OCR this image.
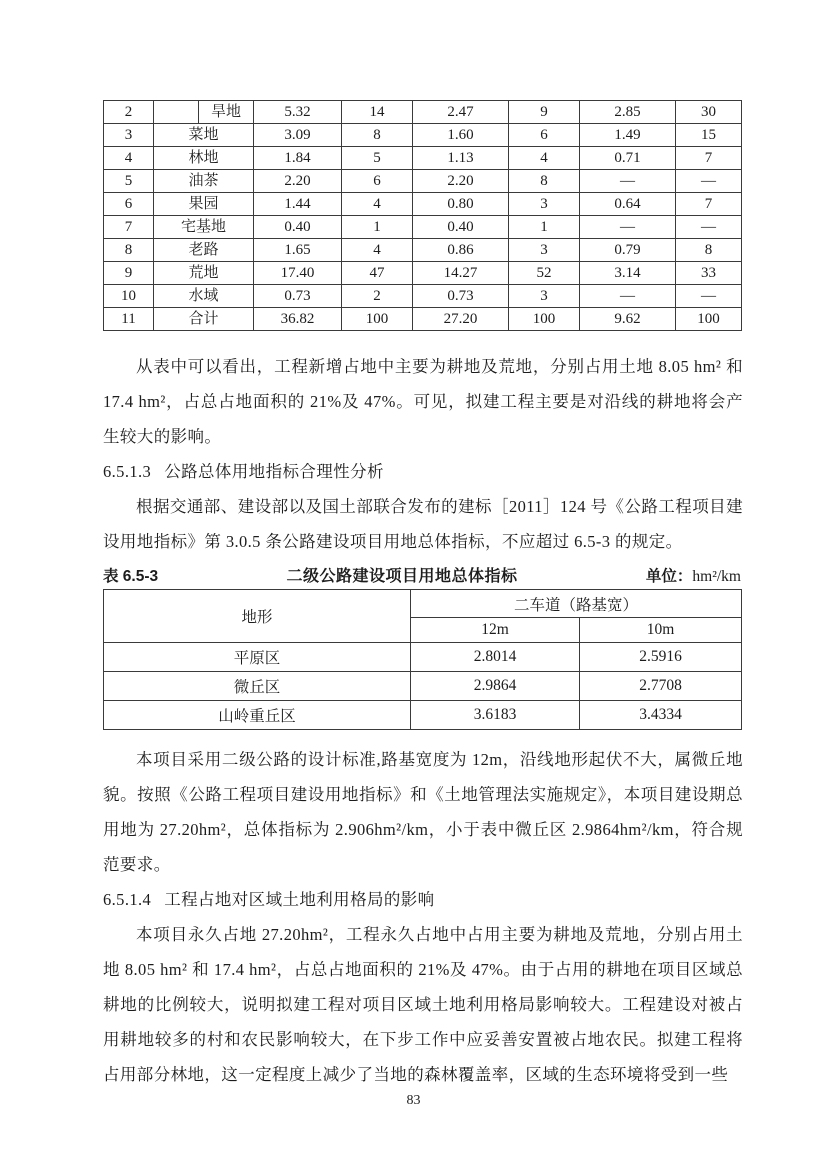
2		旱地	5.32	14	2.47	9	2.85	30
3	菜地		3.09	8	1.60	6	1.49	15
4	林地		1.84	5	1.13	4	0.71	7
5	油茶		2.20	6	2.20	8	—	—
6	果园		1.44	4	0.80	3	0.64	7
7	宅基地		0.40	1	0.40	1	—	—
8	老路		1.65	4	0.86	3	0.79	8
9	荒地		17.40	47	14.27	52	3.14	33
10	水域		0.73	2	0.73	3	—	—
11	合计		36.82	100	27.20	100	9.62	100

从表中可以看出，工程新增占地中主要为耕地及荒地，分别占用土地 8.05 hm² 和 17.4 hm²，占总占地面积的 21%及 47%。可见，拟建工程主要是对沿线的耕地将会产生较大的影响。

6.5.1.3 公路总体用地指标合理性分析

根据交通部、建设部以及国土部联合发布的建标［2011］124 号《公路工程项目建设用地指标》第 3.0.5 条公路建设项目用地总体指标，不应超过 6.5-3 的规定。

表 6.5-3	二级公路建设项目用地总体指标	单位：hm²/km
地形	二车道（路基宽）	
	12m	10m
平原区	2.8014	2.5916
微丘区	2.9864	2.7708
山岭重丘区	3.6183	3.4334

本项目采用二级公路的设计标准,路基宽度为 12m，沿线地形起伏不大，属微丘地貌。按照《公路工程项目建设用地指标》和《土地管理法实施规定》，本项目建设期总用地为 27.20hm²，总体指标为 2.906hm²/km，小于表中微丘区 2.9864hm²/km，符合规范要求。

6.5.1.4 工程占地对区域土地利用格局的影响

本项目永久占地 27.20hm²，工程永久占地中占用主要为耕地及荒地，分别占用土地 8.05 hm² 和 17.4 hm²，占总占地面积的 21%及 47%。由于占用的耕地在项目区域总耕地的比例较大，说明拟建工程对项目区域土地利用格局影响较大。工程建设对被占用耕地较多的村和农民影响较大，在下步工作中应妥善安置被占地农民。拟建工程将占用部分林地，这一定程度上减少了当地的森林覆盖率，区域的生态环境将受到一些

83
